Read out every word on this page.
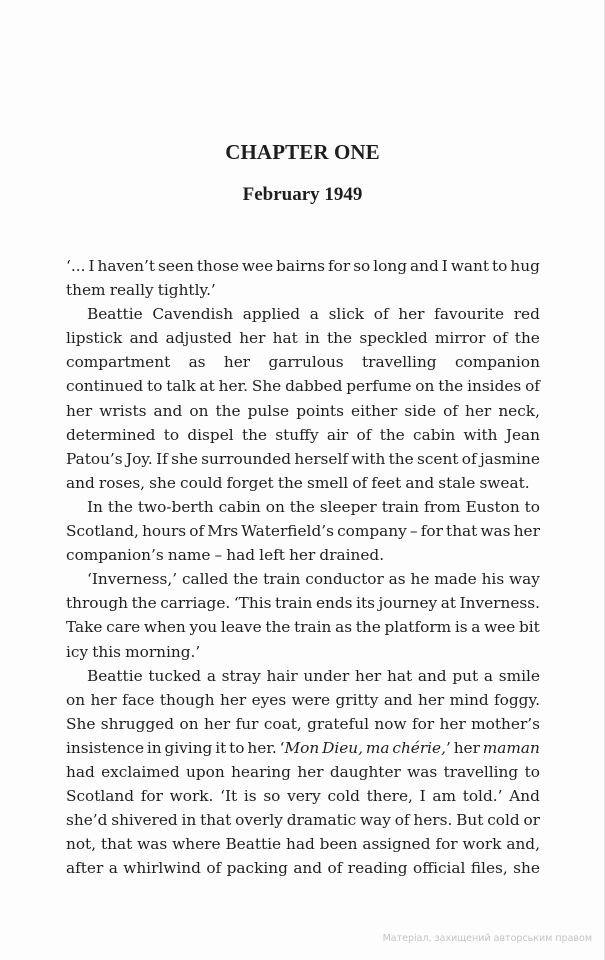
CHAPTER ONE
February 1949
‘... I haven’t seen those wee bairns for so long and I want to hug
them really tightly.’
Beattie Cavendish applied a slick of her favourite red
lipstick and adjusted her hat in the speckled mirror of the
compartment as her garrulous travelling companion
continued to talk at her. She dabbed perfume on the insides of
her wrists and on the pulse points either side of her neck,
determined to dispel the stuffy air of the cabin with Jean
Patou’s Joy. If she surrounded herself with the scent of jasmine
and roses, she could forget the smell of feet and stale sweat.
In the two-berth cabin on the sleeper train from Euston to
Scotland, hours of Mrs Waterfield’s company – for that was her
companion’s name – had left her drained.
‘Inverness,’ called the train conductor as he made his way
through the carriage. ‘This train ends its journey at Inverness.
Take care when you leave the train as the platform is a wee bit
icy this morning.’
Beattie tucked a stray hair under her hat and put a smile
on her face though her eyes were gritty and her mind foggy.
She shrugged on her fur coat, grateful now for her mother’s
insistence in giving it to her. ‘Mon Dieu, ma chérie,’ her maman
had exclaimed upon hearing her daughter was travelling to
Scotland for work. ‘It is so very cold there, I am told.’ And
she’d shivered in that overly dramatic way of hers. But cold or
not, that was where Beattie had been assigned for work and,
after a whirlwind of packing and of reading official files, she
Матеріал, захищений авторським правом
